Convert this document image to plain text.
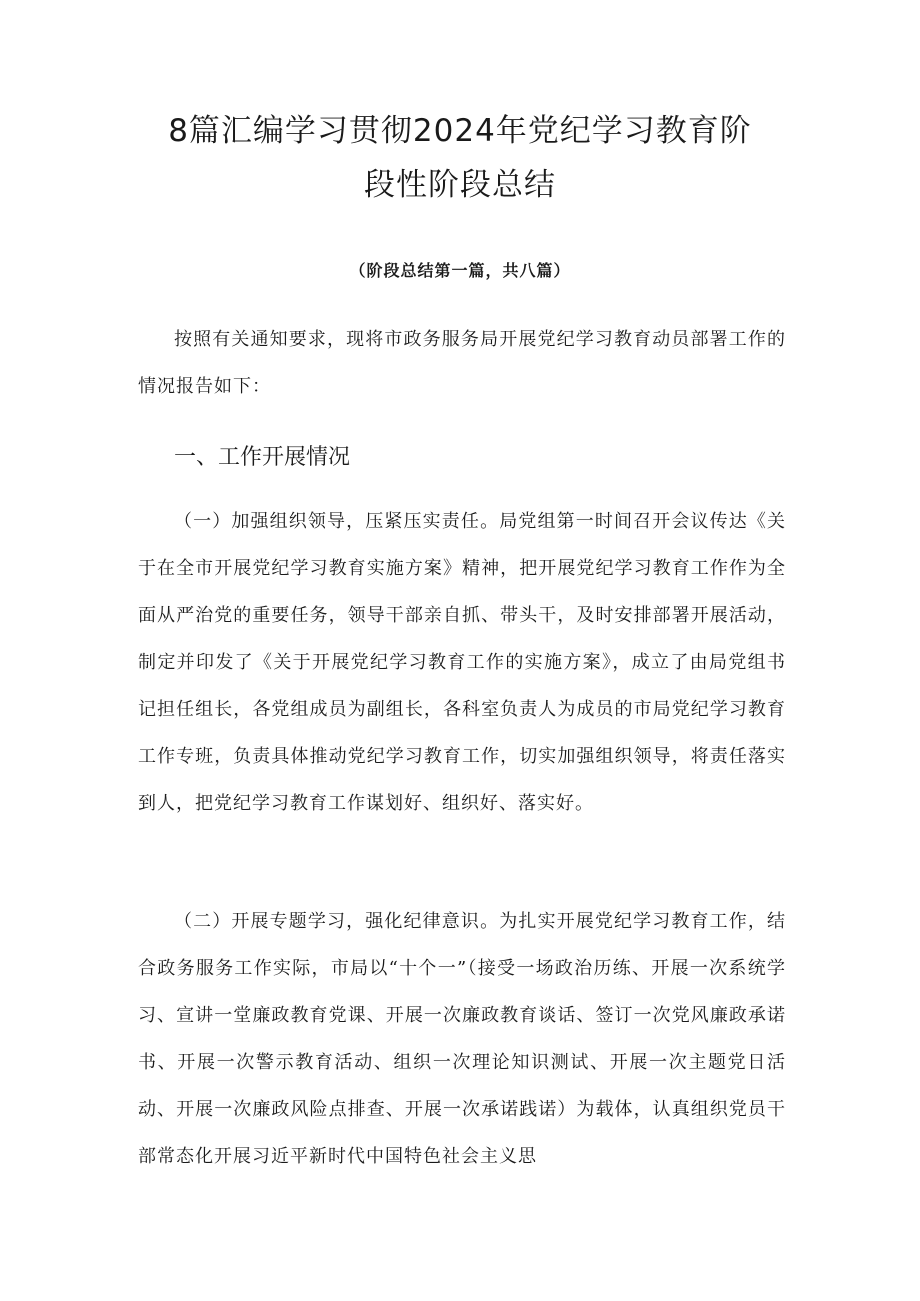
8篇汇编学习贯彻2024年党纪学习教育阶
段性阶段总结
（阶段总结第一篇，共八篇）

按照有关通知要求，现将市政务服务局开展党纪学习教育动员部署工作的情况报告如下：

一、工作开展情况

（一）加强组织领导，压紧压实责任。局党组第一时间召开会议传达《关于在全市开展党纪学习教育实施方案》精神，把开展党纪学习教育工作作为全面从严治党的重要任务，领导干部亲自抓、带头干，及时安排部署开展活动，制定并印发了《关于开展党纪学习教育工作的实施方案》，成立了由局党组书记担任组长，各党组成员为副组长，各科室负责人为成员的市局党纪学习教育工作专班，负责具体推动党纪学习教育工作，切实加强组织领导，将责任落实到人，把党纪学习教育工作谋划好、组织好、落实好。

（二）开展专题学习，强化纪律意识。为扎实开展党纪学习教育工作，结合政务服务工作实际，市局以“十个一”（接受一场政治历练、开展一次系统学习、宣讲一堂廉政教育党课、开展一次廉政教育谈话、签订一次党风廉政承诺书、开展一次警示教育活动、组织一次理论知识测试、开展一次主题党日活动、开展一次廉政风险点排查、开展一次承诺践诺）为载体，认真组织党员干部常态化开展习近平新时代中国特色社会主义思
